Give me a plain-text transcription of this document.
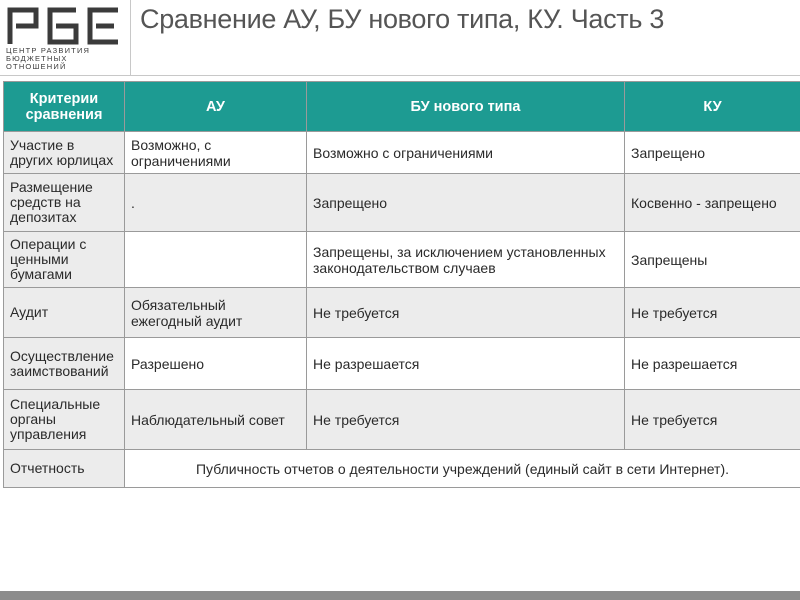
ЦЕНТР РАЗВИТИЯ БЮДЖЕТНЫХ ОТНОШЕНИЙ
Сравнение АУ, БУ нового типа, КУ. Часть 3
Критерии сравнения	АУ	БУ нового типа	КУ
Участие в других юрлицах	Возможно, с ограничениями	Возможно с ограничениями	Запрещено
Размещение средств на депозитах	.	Запрещено	Косвенно - запрещено
Операции с ценными бумагами		Запрещены, за исключением установленных законодательством случаев	Запрещены
Аудит	Обязательный ежегодный аудит	Не требуется	Не требуется
Осуществление заимствований	Разрешено	Не разрешается	Не разрешается
Специальные органы управления	Наблюдательный совет	Не требуется	Не требуется
Отчетность	Публичность отчетов о деятельности учреждений (единый сайт в сети Интернет).		
